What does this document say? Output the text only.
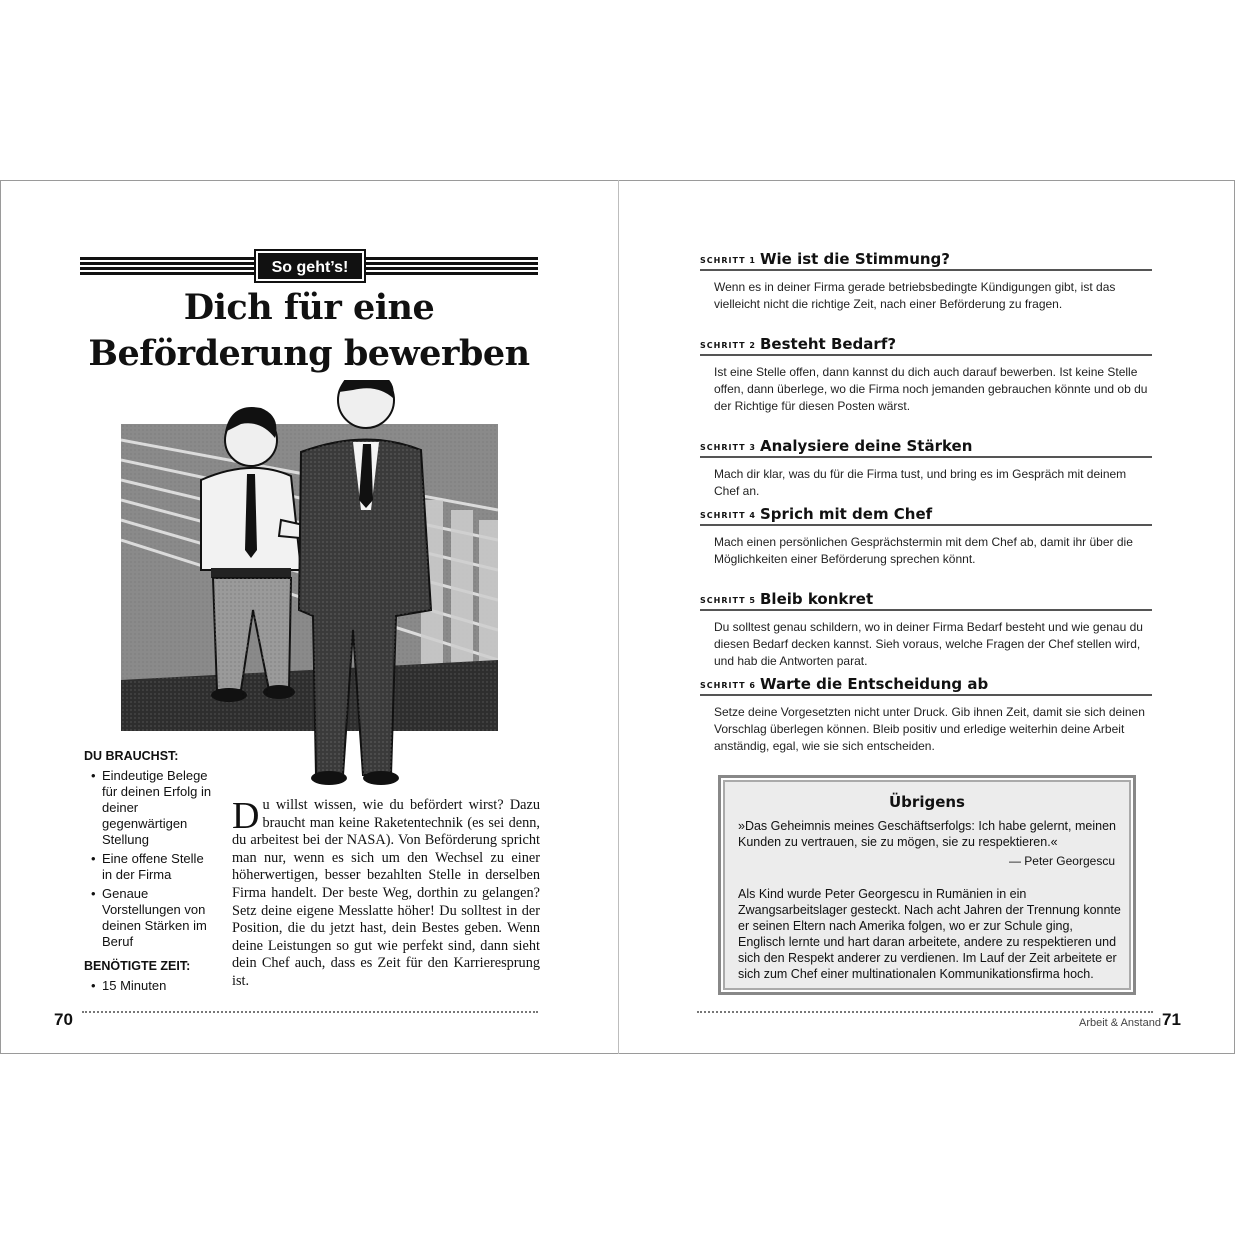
So geht’s!
Dich für eine
Beförderung bewerben
DU BRAUCHST:
• Eindeutige Belege für deinen Erfolg in deiner gegenwärtigen Stellung
• Eine offene Stelle in der Firma
• Genaue Vorstellungen von deinen Stärken im Beruf
BENÖTIGTE ZEIT:
• 15 Minuten
Du willst wissen, wie du befördert wirst? Dazu braucht man keine Raketentechnik (es sei denn, du arbeitest bei der NASA). Von Beförderung spricht man nur, wenn es sich um den Wechsel zu einer höherwertigen, besser bezahlten Stelle in derselben Firma handelt. Der beste Weg, dorthin zu gelangen? Setz deine eigene Messlatte höher! Du solltest in der Position, die du jetzt hast, dein Bestes geben. Wenn deine Leistungen so gut wie perfekt sind, dann sieht dein Chef auch, dass es Zeit für den Karrieresprung ist.
70
SCHRITT 1 Wie ist die Stimmung?
Wenn es in deiner Firma gerade betriebsbedingte Kündigungen gibt, ist das vielleicht nicht die richtige Zeit, nach einer Beförderung zu fragen.
SCHRITT 2 Besteht Bedarf?
Ist eine Stelle offen, dann kannst du dich auch darauf bewerben. Ist keine Stelle offen, dann überlege, wo die Firma noch jemanden gebrauchen könnte und ob du der Richtige für diesen Posten wärst.
SCHRITT 3 Analysiere deine Stärken
Mach dir klar, was du für die Firma tust, und bring es im Gespräch mit deinem Chef an.
SCHRITT 4 Sprich mit dem Chef
Mach einen persönlichen Gesprächstermin mit dem Chef ab, damit ihr über die Möglichkeiten einer Beförderung sprechen könnt.
SCHRITT 5 Bleib konkret
Du solltest genau schildern, wo in deiner Firma Bedarf besteht und wie genau du diesen Bedarf decken kannst. Sieh voraus, welche Fragen der Chef stellen wird, und hab die Antworten parat.
SCHRITT 6 Warte die Entscheidung ab
Setze deine Vorgesetzten nicht unter Druck. Gib ihnen Zeit, damit sie sich deinen Vorschlag überlegen können. Bleib positiv und erledige weiterhin deine Arbeit anständig, egal, wie sie sich entscheiden.
Übrigens
»Das Geheimnis meines Geschäftserfolgs: Ich habe gelernt, meinen Kunden zu vertrauen, sie zu mögen, sie zu respektieren.«
— Peter Georgescu
Als Kind wurde Peter Georgescu in Rumänien in ein Zwangsarbeitslager gesteckt. Nach acht Jahren der Trennung konnte er seinen Eltern nach Amerika folgen, wo er zur Schule ging, Englisch lernte und hart daran arbeitete, andere zu respektieren und sich den Respekt anderer zu verdienen. Im Lauf der Zeit arbeitete er sich zum Chef einer multinationalen Kommunikationsfirma hoch.
Arbeit & Anstand 71
